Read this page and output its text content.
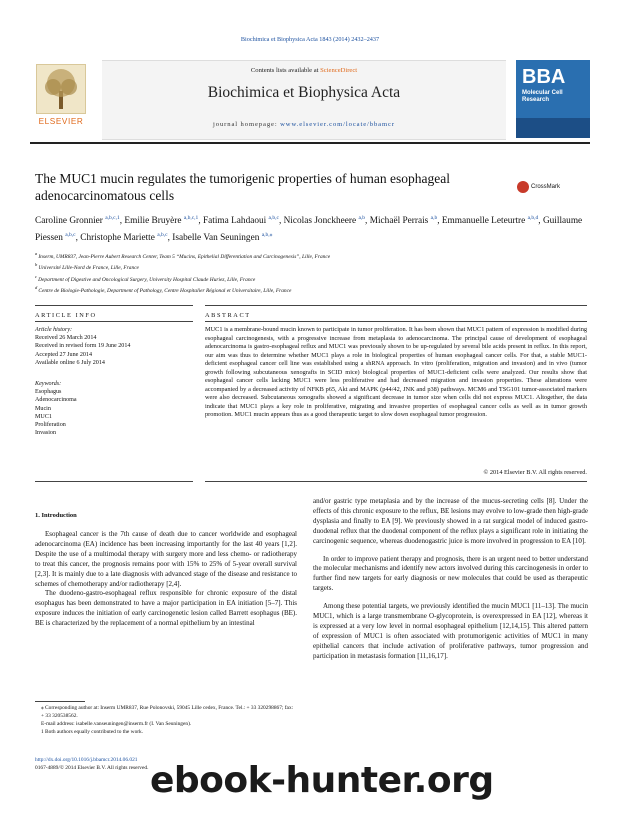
Biochimica et Biophysica Acta 1843 (2014) 2432–2437
ELSEVIER
Contents lists available at ScienceDirect
Biochimica et Biophysica Acta
journal homepage: www.elsevier.com/locate/bbamcr
BBA
Molecular Cell Research
The MUC1 mucin regulates the tumorigenic properties of human esophageal adenocarcinomatous cells
CrossMark
Caroline Gronnier $^{a,b,c,1}$, Emilie Bruyère $^{a,b,c,1}$, Fatima Lahdaoui $^{a,b,c}$, Nicolas Jonckheere $^{a,b}$, Michaël Perrais $^{a,b}$, Emmanuelle Leteurtre $^{a,b,d}$, Guillaume Piessen $^{a,b,c}$, Christophe Mariette $^{a,b,c}$, Isabelle Van Seuningen $^{a,b,⁎}$
$^a$ Inserm, UMR837, Jean-Pierre Aubert Research Center, Team 5 “Mucins, Epithelial Differentiation and Carcinogenesis”, Lille, France
$^b$ Université Lille-Nord de France, Lille, France
$^c$ Department of Digestive and Oncological Surgery, University Hospital Claude Huriez, Lille, France
$^d$ Centre de Biologie-Pathologie, Department of Pathology, Centre Hospitalier Régional et Universitaire, Lille, France
ARTICLE INFO	ABSTRACT
Article history:
Received 26 March 2014
Received in revised form 19 June 2014
Accepted 27 June 2014
Available online 6 July 2014
Keywords:
Esophagus
Adenocarcinoma
Mucin
MUC1
Proliferation
Invasion
MUC1 is a membrane-bound mucin known to participate in tumor proliferation. It has been shown that MUC1 pattern of expression is modified during esophageal carcinogenesis, with a progressive increase from metaplasia to adenocarcinoma. The principal cause of development of esophageal adenocarcinoma is gastro-esophageal reflux and MUC1 was previously shown to be up-regulated by several bile acids present in reflux. In this report, our aim was thus to determine whether MUC1 plays a role in biological properties of human esophageal cancer cells. For that, a stable MUC1-deficient esophageal cancer cell line was established using a shRNA approach. In vitro (proliferation, migration and invasion) and in vivo (tumor growth following subcutaneous xenografts in SCID mice) biological properties of MUC1-deficient cells were analyzed. Our results show that esophageal cancer cells lacking MUC1 were less proliferative and had decreased migration and invasion properties. These alterations were accompanied by a decreased activity of NFKB p65, Akt and MAPK (p44/42, JNK and p38) pathways. MCM6 and TSG101 tumor-associated markers were also decreased. Subcutaneous xenografts showed a significant decrease in tumor size when cells did not express MUC1. Altogether, the data indicate that MUC1 plays a key role in proliferative, migrating and invasive properties of esophageal cancer cells as well as in tumor growth promotion. MUC1 mucin appears thus as a good therapeutic target to slow down esophageal tumor progression.
© 2014 Elsevier B.V. All rights reserved.
1. Introduction
Esophageal cancer is the 7th cause of death due to cancer worldwide and esophageal adenocarcinoma (EA) incidence has been increasing importantly for the last 40 years [1,2]. Despite the use of a multimodal therapy with surgery more and less chemo- or radiotherapy to treat this cancer, the prognosis remains poor with 15% to 25% of 5-year overall survival [2,3]. It is mainly due to a late diagnosis with advanced stage of the disease and resistance to schemes of chemotherapy and/or radiotherapy [2,4].
The duodeno-gastro-esophageal reflux responsible for chronic exposure of the distal esophagus has been demonstrated to have a major participation in EA initiation [5–7]. This exposure induces the initiation of early carcinogenetic lesion called Barrett esophagus (BE). BE is characterized by the replacement of a normal epithelium by an intestinal
and/or gastric type metaplasia and by the increase of the mucus-secreting cells [8]. Under the effects of this chronic exposure to the reflux, BE lesions may evolve to low-grade then high-grade dysplasia and finally to EA [9]. We previously showed in a rat surgical model of induced gastro-duodenal reflux that the duodenal component of the reflux plays a significant role in initiating the carcinogenic sequence, whereas duodenogastric juice is more involved in progression to EA [10].
In order to improve patient therapy and prognosis, there is an urgent need to better understand the molecular mechanisms and identify new actors involved during this carcinogenesis in order to further find new targets for early diagnosis or new molecules that could be used as therapeutic targets.
Among these potential targets, we previously identified the mucin MUC1 [11–13]. The mucin MUC1, which is a large transmembrane O-glycoprotein, is overexpressed in EA [12], whereas it is expressed at a very low level in normal esophageal epithelium [12,14,15]. This altered pattern of expression of MUC1 is often associated with protumorigenic activities of MUC1 in many epithelial cancers that include activation of proliferative pathways, tumor progression and participation in metastasis formation [11,16,17].
⁎ Corresponding author at: Inserm UMR837, Rue Polonovski, 59045 Lille cedex, France. Tel.: + 33 320298867; fax: + 33 320538562.
E-mail address: isabelle.vanseuningen@inserm.fr (I. Van Seuningen).
1 Both authors equally contributed to the work.
http://dx.doi.org/10.1016/j.bbamcr.2014.06.021
0167-4889/© 2014 Elsevier B.V. All rights reserved. ebook-hunter.org
